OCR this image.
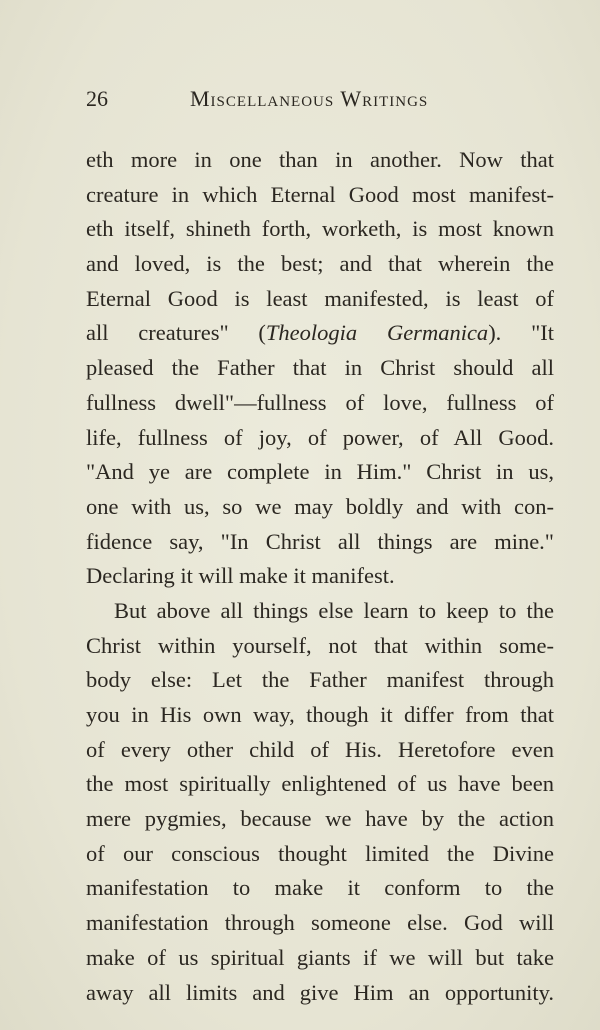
26	Miscellaneous Writings
eth more in one than in another. Now that
creature in which Eternal Good most manifest-
eth itself, shineth forth, worketh, is most known
and loved, is the best; and that wherein the
Eternal Good is least manifested, is least of
all creatures" (Theologia Germanica). "It
pleased the Father that in Christ should all
fullness dwell"—fullness of love, fullness of
life, fullness of joy, of power, of All Good.
"And ye are complete in Him." Christ in us,
one with us, so we may boldly and with con-
fidence say, "In Christ all things are mine."
Declaring it will make it manifest.
But above all things else learn to keep to the
Christ within yourself, not that within some-
body else: Let the Father manifest through
you in His own way, though it differ from that
of every other child of His. Heretofore even
the most spiritually enlightened of us have been
mere pygmies, because we have by the action
of our conscious thought limited the Divine
manifestation to make it conform to the
manifestation through someone else. God will
make of us spiritual giants if we will but take
away all limits and give Him an opportunity.
